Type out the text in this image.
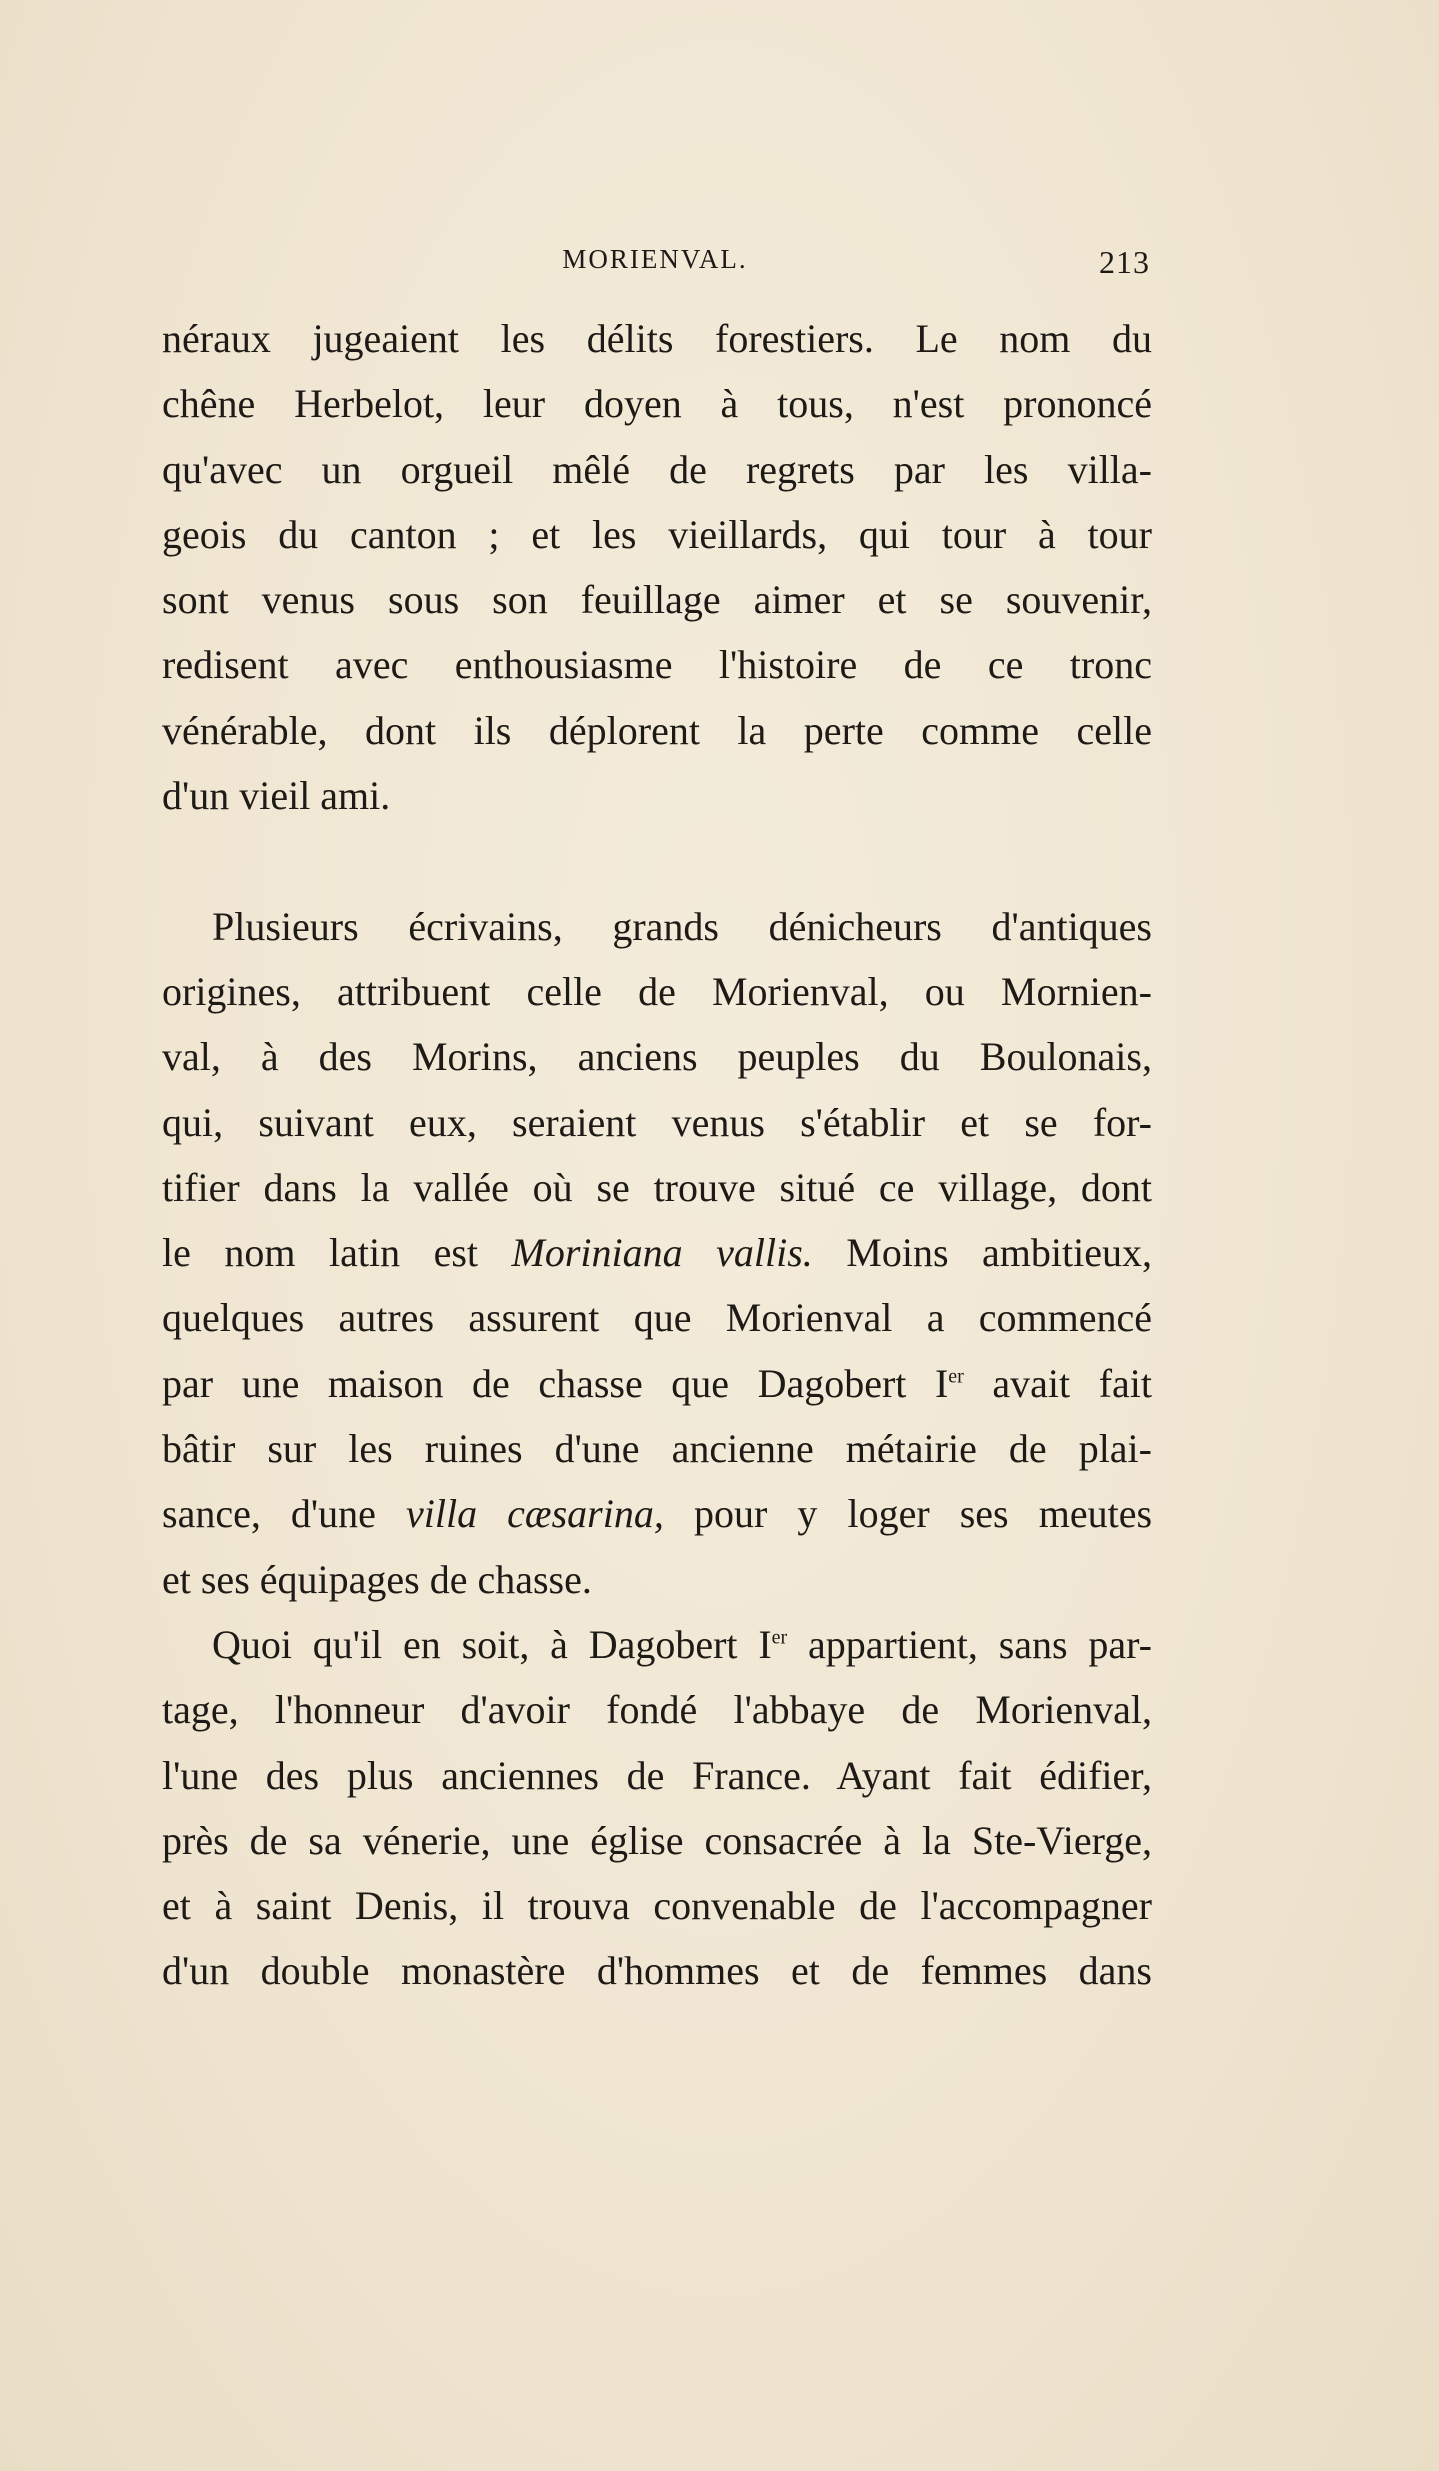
MORIENVAL.	213
néraux jugeaient les délits forestiers. Le nom du
chêne Herbelot, leur doyen à tous, n'est prononcé
qu'avec un orgueil mêlé de regrets par les villa-
geois du canton ; et les vieillards, qui tour à tour
sont venus sous son feuillage aimer et se souvenir,
redisent avec enthousiasme l'histoire de ce tronc
vénérable, dont ils déplorent la perte comme celle
d'un vieil ami.
Plusieurs écrivains, grands dénicheurs d'antiques
origines, attribuent celle de Morienval, ou Mornien-
val, à des Morins, anciens peuples du Boulonais,
qui, suivant eux, seraient venus s'établir et se for-
tifier dans la vallée où se trouve situé ce village, dont
le nom latin est Moriniana vallis. Moins ambitieux,
quelques autres assurent que Morienval a commencé
par une maison de chasse que Dagobert Ier avait fait
bâtir sur les ruines d'une ancienne métairie de plai-
sance, d'une villa cæsarina, pour y loger ses meutes
et ses équipages de chasse.
Quoi qu'il en soit, à Dagobert Ier appartient, sans par-
tage, l'honneur d'avoir fondé l'abbaye de Morienval,
l'une des plus anciennes de France. Ayant fait édifier,
près de sa vénerie, une église consacrée à la Ste-Vierge,
et à saint Denis, il trouva convenable de l'accompagner
d'un double monastère d'hommes et de femmes dans
